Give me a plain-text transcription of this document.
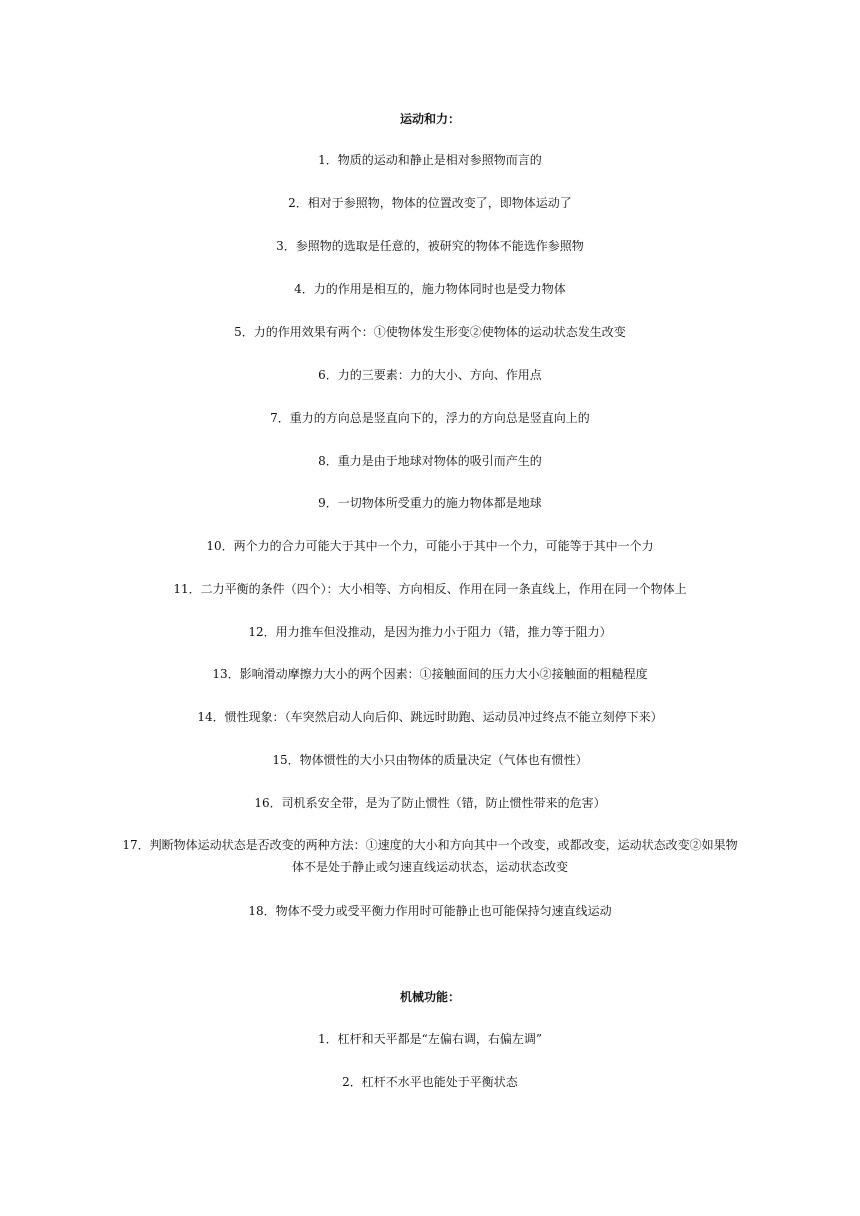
运动和力：
1．物质的运动和静止是相对参照物而言的
2．相对于参照物，物体的位置改变了，即物体运动了
3．参照物的选取是任意的，被研究的物体不能选作参照物
4．力的作用是相互的，施力物体同时也是受力物体
5．力的作用效果有两个：①使物体发生形变②使物体的运动状态发生改变
6．力的三要素：力的大小、方向、作用点
7．重力的方向总是竖直向下的，浮力的方向总是竖直向上的
8．重力是由于地球对物体的吸引而产生的
9．一切物体所受重力的施力物体都是地球
10．两个力的合力可能大于其中一个力，可能小于其中一个力，可能等于其中一个力
11．二力平衡的条件（四个）：大小相等、方向相反、作用在同一条直线上，作用在同一个物体上
12．用力推车但没推动，是因为推力小于阻力（错，推力等于阻力）
13．影响滑动摩擦力大小的两个因素：①接触面间的压力大小②接触面的粗糙程度
14．惯性现象：（车突然启动人向后仰、跳远时助跑、运动员冲过终点不能立刻停下来）
15．物体惯性的大小只由物体的质量决定（气体也有惯性）
16．司机系安全带，是为了防止惯性（错，防止惯性带来的危害）
17．判断物体运动状态是否改变的两种方法：①速度的大小和方向其中一个改变，或都改变，运动状态改变②如果物体不是处于静止或匀速直线运动状态，运动状态改变
18．物体不受力或受平衡力作用时可能静止也可能保持匀速直线运动
机械功能：
1．杠杆和天平都是“左偏右调，右偏左调”
2．杠杆不水平也能处于平衡状态
